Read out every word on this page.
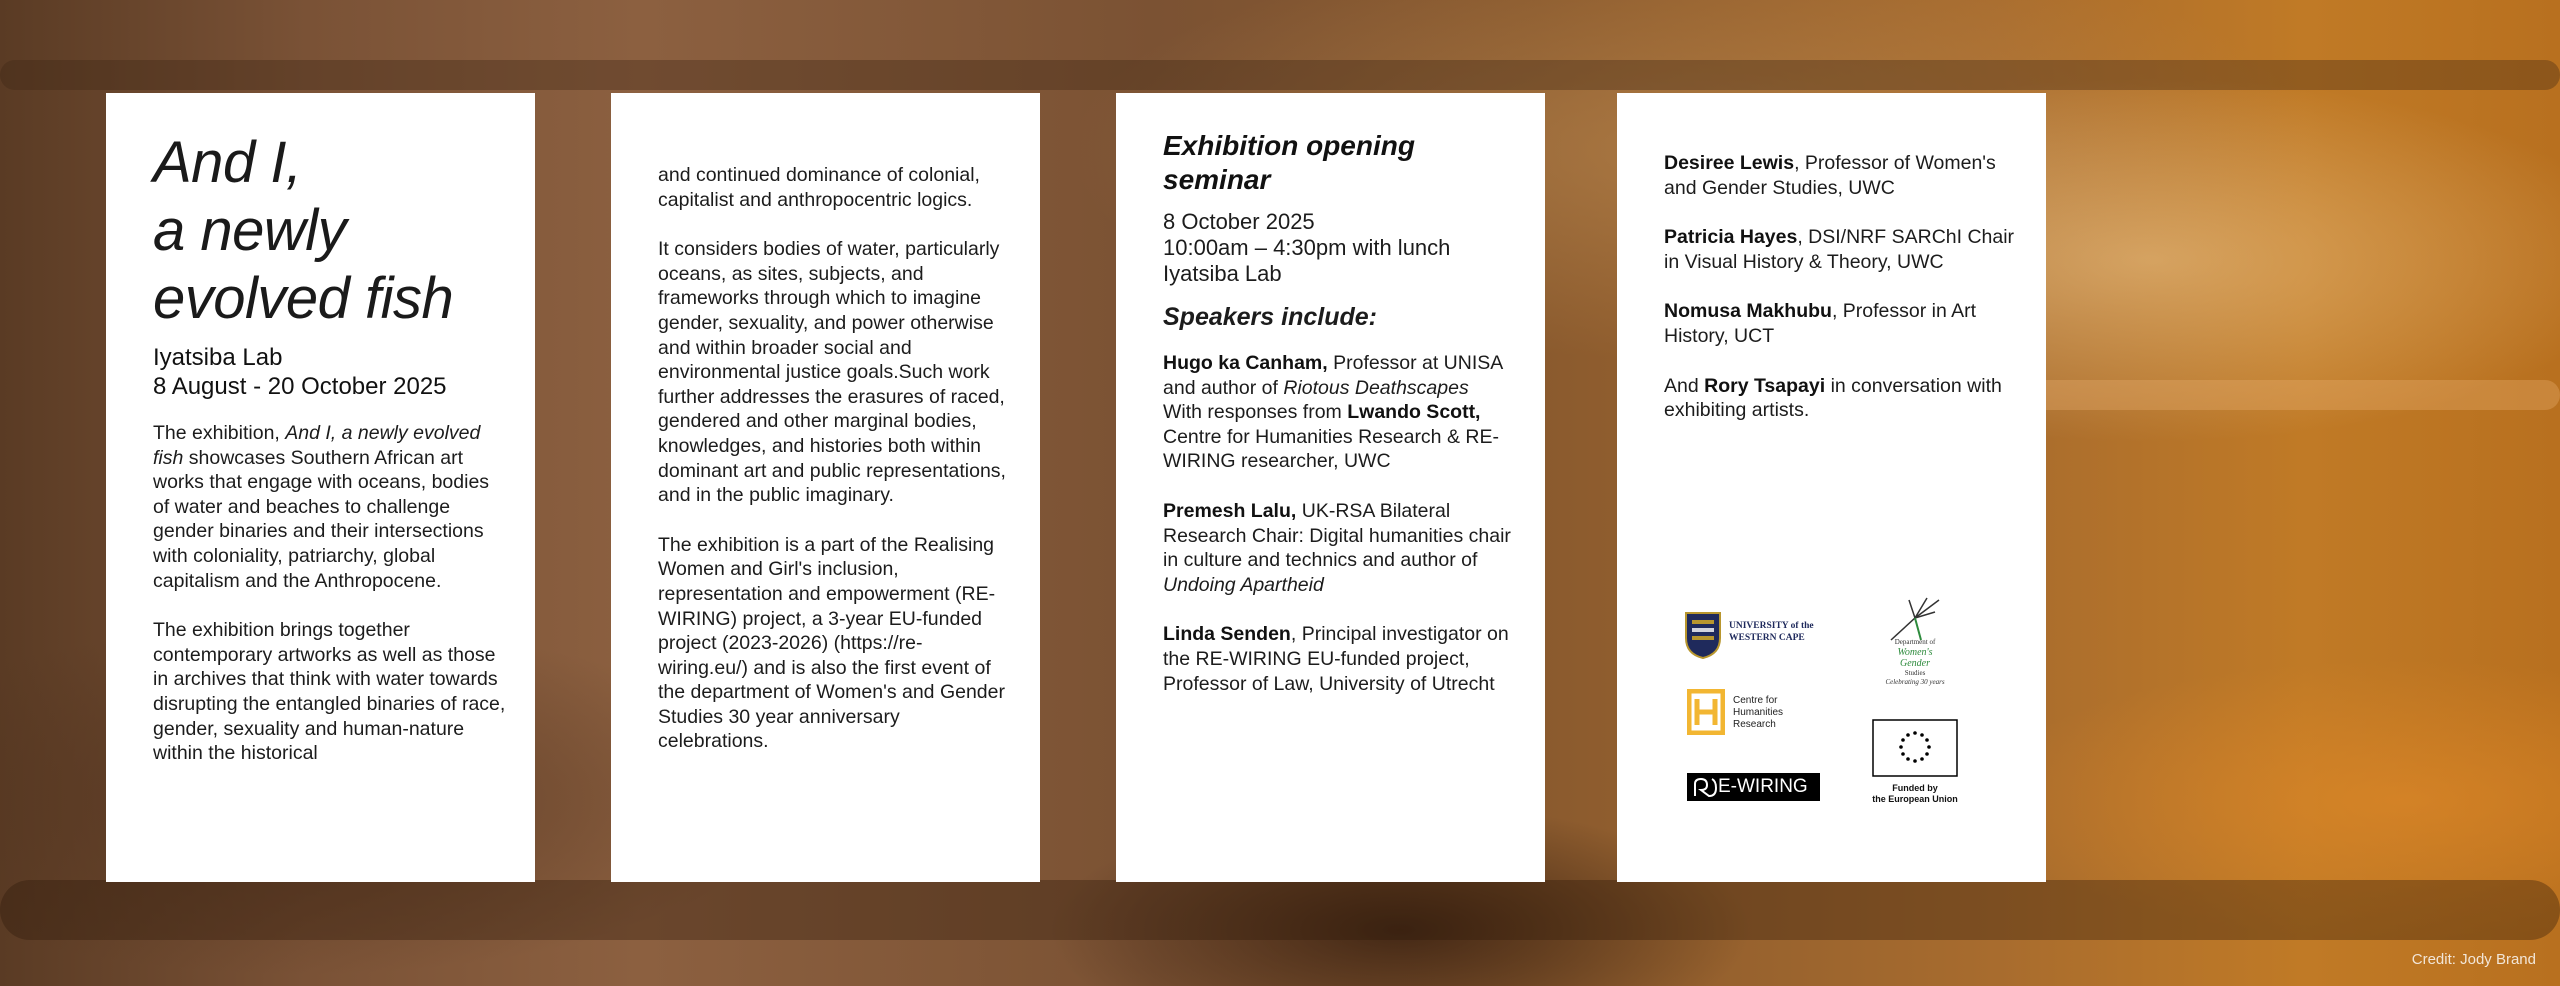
And I,
a newly
evolved fish
Iyatsiba Lab
8 August - 20 October 2025

The exhibition, And I, a newly evolved fish showcases Southern African art works that engage with oceans, bodies of water and beaches to challenge gender binaries and their intersections with coloniality, patriarchy, global capitalism and the Anthropocene.

The exhibition brings together contemporary artworks as well as those in archives that think with water towards disrupting the entangled binaries of race, gender, sexuality and human-nature within the historical

and continued dominance of colonial, capitalist and anthropocentric logics.

It considers bodies of water, particularly oceans, as sites, subjects, and frameworks through which to imagine gender, sexuality, and power otherwise and within broader social and environmental justice goals.Such work further addresses the erasures of raced, gendered and other marginal bodies, knowledges, and histories both within dominant art and public representations, and in the public imaginary.

The exhibition is a part of the Realising Women and Girl's inclusion, representation and empowerment (RE-WIRING) project, a 3-year EU-funded project (2023-2026) (https://re-wiring.eu/) and is also the first event of the department of Women's and Gender Studies 30 year anniversary celebrations.

Exhibition opening seminar
8 October 2025
10:00am – 4:30pm with lunch
Iyatsiba Lab
Speakers include:

Hugo ka Canham, Professor at UNISA and author of Riotous Deathscapes
With responses from Lwando Scott, Centre for Humanities Research & RE-WIRING researcher, UWC

Premesh Lalu, UK-RSA Bilateral Research Chair: Digital humanities chair in culture and technics and author of Undoing Apartheid

Linda Senden, Principal investigator on the RE-WIRING EU-funded project, Professor of Law, University of Utrecht

Desiree Lewis, Professor of Women's and Gender Studies, UWC

Patricia Hayes, DSI/NRF SARChI Chair in Visual History & Theory, UWC

Nomusa Makhubu, Professor in Art History, UCT

And Rory Tsapayi in conversation with exhibiting artists.

UNIVERSITY of the
WESTERN CAPE	Department of
Women's
Gender
Studies
Celebrating 30 years
Centre for
Humanities
Research
Funded by
the European Union
E-WIRING
Credit: Jody Brand
